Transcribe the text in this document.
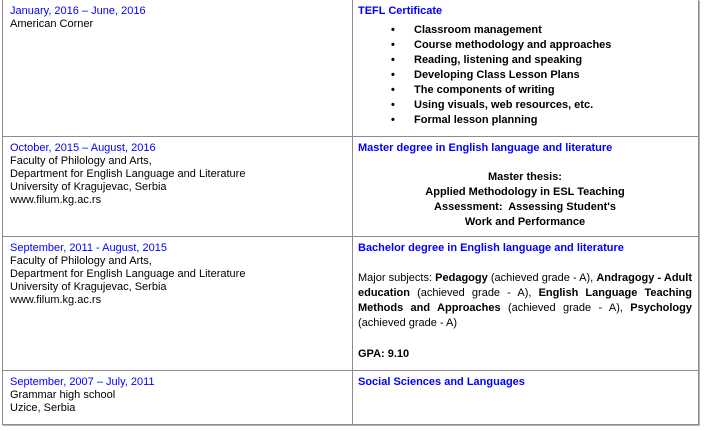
January, 2016 – June, 2016
American Corner
TEFL Certificate
• Classroom management
• Course methodology and approaches
• Reading, listening and speaking
• Developing Class Lesson Plans
• The components of writing
• Using visuals, web resources, etc.
• Formal lesson planning
October, 2015 – August, 2016
Faculty of Philology and Arts,
Department for English Language and Literature
University of Kragujevac, Serbia
www.filum.kg.ac.rs
Master degree in English language and literature
Master thesis:
Applied Methodology in ESL Teaching
Assessment:  Assessing Student's
Work and Performance
September, 2011 - August, 2015
Faculty of Philology and Arts,
Department for English Language and Literature
University of Kragujevac, Serbia
www.filum.kg.ac.rs
Bachelor degree in English language and literature

Major subjects: Pedagogy (achieved grade - A), Andragogy - Adult education (achieved grade - A), English Language Teaching Methods and Approaches (achieved grade - A), Psychology (achieved grade - A)

GPA: 9.10
September, 2007 – July, 2011
Grammar high school
Uzice, Serbia
Social Sciences and Languages
